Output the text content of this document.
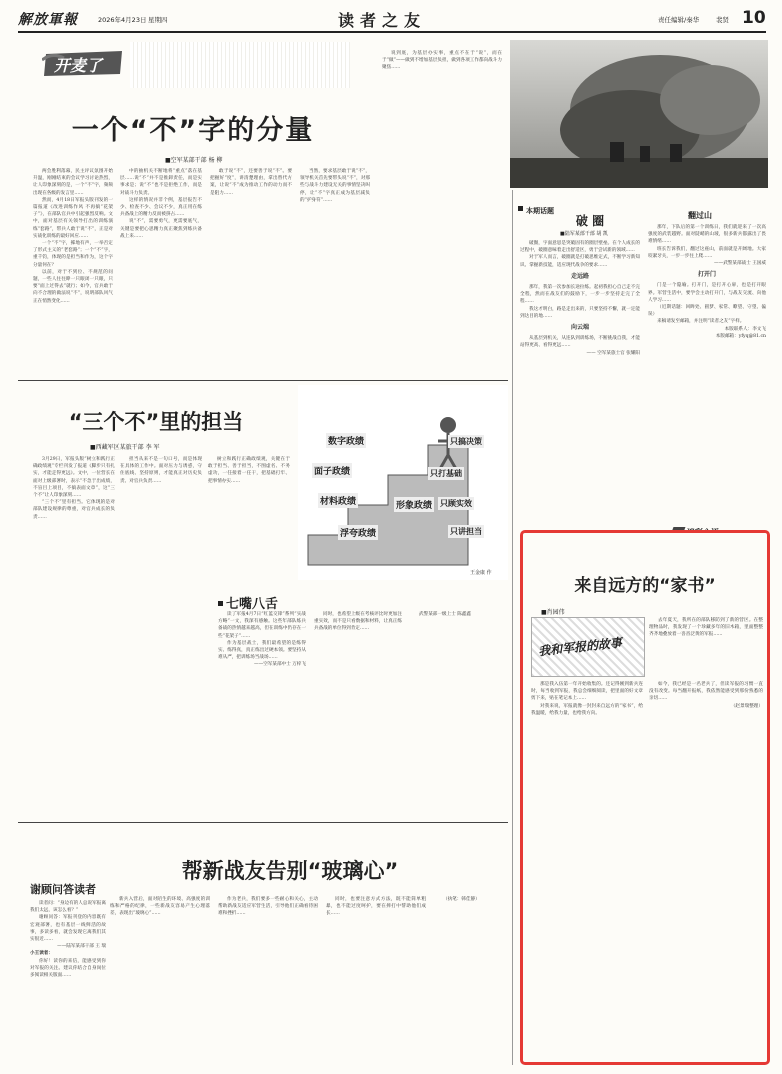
解放軍報	2026年4月23日 星期四	读者之友	责任编辑/秦华	裴贤 10
开麦了
一个“不”字的分量
■空军某部干部 杨 柳

两会胜利落幕，民主评议氛围开始升温，刚刚结束的会议学习讨论热烈，让人印象深刻的是，一个“不”字，频频出现在各级的发言里……

然而，4月18日军报头版刊发的一篇报道《改进训练作风 不再搞“花架子”》，在部队官兵中引起强烈反响。文中，面对基层有关领导打出的训练演练“套路”，带兵人敢于说“不”，正是对实战化训练的最好回应……

一个“不”字，掷地有声，一举否定了形式主义的“老套路”；一个“不”字，重千钧，体现的是担当和作为，这个字分量何在？

以前，对于不到位、不规范的问题，一些人往往睁一只眼闭一只眼，只要“面上过得去”就行；如今，官兵敢于向不合理的做法说“不”，说明部队风气正在悄然变化……

中的抽机关不断地将“重点”落在基层……说“不”并不是推卸责任，而是实事求是；说“不”也不是拒绝工作，而是对战斗力负责。

这样的情况并非个例，基层报告不少、检查不少、会议不少，真正用在练兵备战上的精力反而被挤占……

说“不”，需要勇气，更需要底气，关键是要把心思精力真正聚焦到练兵备战上来……

敢于说“不”，还要善于说“不”。要把握好“度”，讲清楚理由，拿出替代方案，让说“不”成为推动工作的动力而不是阻力……

当然，要求基层敢于说“不”，领导机关首先要带头说“不”，对那些与战斗力建设无关的事情坚决叫停，让“不”字真正成为基层减负的“护身符”……

说到底，为基层办实事，重点不在于“说”，而在于“做”——做到不增加基层负担，做到各项工作都向战斗力聚焦……

“三个不”里的担当
■西藏军区某旅干部 李 军

3月29日，军报头版“树立和践行正确政绩观”专栏刊发了报道《脚步只有扎实，才能走得更远》。文中，一位营长在面对上级部署时，表示“不急于出成绩，不盲目上项目，不搞表面文章”，这“三个不”让人印象深刻……

“三个不”里有担当。它体现的是对部队建设规律的尊重，对官兵成长的负责……

担当从来不是一句口号，而是体现在具体的工作中。面对压力与诱惑，守住底线、坚持原则，才能真正对历史负责、对官兵负责……

树立和践行正确政绩观，关键在于敢于担当、善于担当，不图虚名、不务虚功，一任接着一任干，把基础打牢、把事情办实……

数字政绩
面子政绩
材料政绩
浮夸政绩
形象政绩
只搞决策
只打基础
只顾实效
只讲担当
王金康 作
七嘴八舌

读了军报4月7日“红蓝交锋”系列“实战方略”一文，我深有感触。这些年部队练兵备战的热情越来越高，但在训练中仍存在一些“花架子”……

作为基层战士，我们最希望的是练得实、练得真，真正练出过硬本领。要坚持从难从严，把训练场当战场……

——空军某部中士 万梓飞

同时，也希望上级在考核评比时更加注重实效，而不是只看数据和材料，让真正练兵备战的单位得到肯定……

武警某部一级上士 陈鑫鑫

帮新战友告别“玻璃心”

新兵入营后，面对陌生的环境、高强度的训练和严格的纪律，一些新战友容易产生心理落差，表现出“玻璃心”……

作为老兵，我们要多一些耐心和关心，主动帮助新战友适应军营生活，引导他们正确看待困难和挫折……

同时，也要注意方式方法，既不能简单粗暴，也不能过度呵护，要在摔打中帮助他们成长……

（执笔：韩佳静）

谢顾问答读者

读者问：“身边有的人总说军报离我们太远，该怎么看？”

谢顾问答：军报刊登的内容既有宏观部署，也有基层一线鲜活的故事，多读多看，就会发现它离我们其实很近……

——陆军某部干部 王 瑞

小王读者：

你好！读你的来信，能感受到你对军报的关注。建议你结合自身岗位多阅读相关版面……

本期话题
破 圈
■陆军某部干部 胡 凯

破圈，字面意思是突破固有的圈层壁垒。在个人成长的过程中，破圈意味着走出舒适区，勇于尝试新的领域……

对于军人而言，破圈就是打破思维定式，不断学习新知识、掌握新技能，适应现代战争的要求……

走远路

那年，我第一次参加长途拉练。起初我担心自己走不完全程，然而在战友们的鼓励下，一步一步坚持走完了全程……

我这才明白，路是走出来的，只要坚持不懈，就一定能到达目的地……

向云端

从基层到机关，从连队到训练场，不断挑战自我，才能站得更高、看得更远……

—— 空军某旅士官 张耀阳

翻过山

那年，下队后的第一个训练日，我们就迎来了一次高强度的武装越野。面对陡峭的山坡，很多新兵都露出了畏难情绪……

班长告诉我们，翻过这座山，前面就是开阔地。大家咬紧牙关，一步一步往上爬……

——武警某部战士 王国威

打开门

门是一个隐喻。打开门，是打开心扉，也是打开眼界。军营生活中，要学会主动打开门，与战友交流、向他人学习……

（近期话题：回眸处、圆梦、家常、瞭望、守望、偏误）

来稿请发至邮箱，并注明“读者之友”字样。

本版联系人：李文飞

本版邮箱：yfyq@81.cn

来自远方的“家书”
■肖园伟
我和军报的故事

去年夏天，我所在的部队移防到了新的营区。在整理物品时，我发现了一个珍藏多年的旧木箱，里面整整齐齐地叠放着一沓沓泛黄的军报……

那是我入伍第一年开始收集的。还记得刚到新兵连时，每当收到军报，我总会细细阅读，把里面的好文章剪下来，贴在笔记本上……

对我来说，军报就像一封封来自远方的“家书”，给我温暖，给我力量，也给我方向。

如今，我已经是一名老兵了，但读军报的习惯一直没有改变。每当翻开报纸，我依然能感受到那份熟悉的亲切……

（赵景瑞整理）
